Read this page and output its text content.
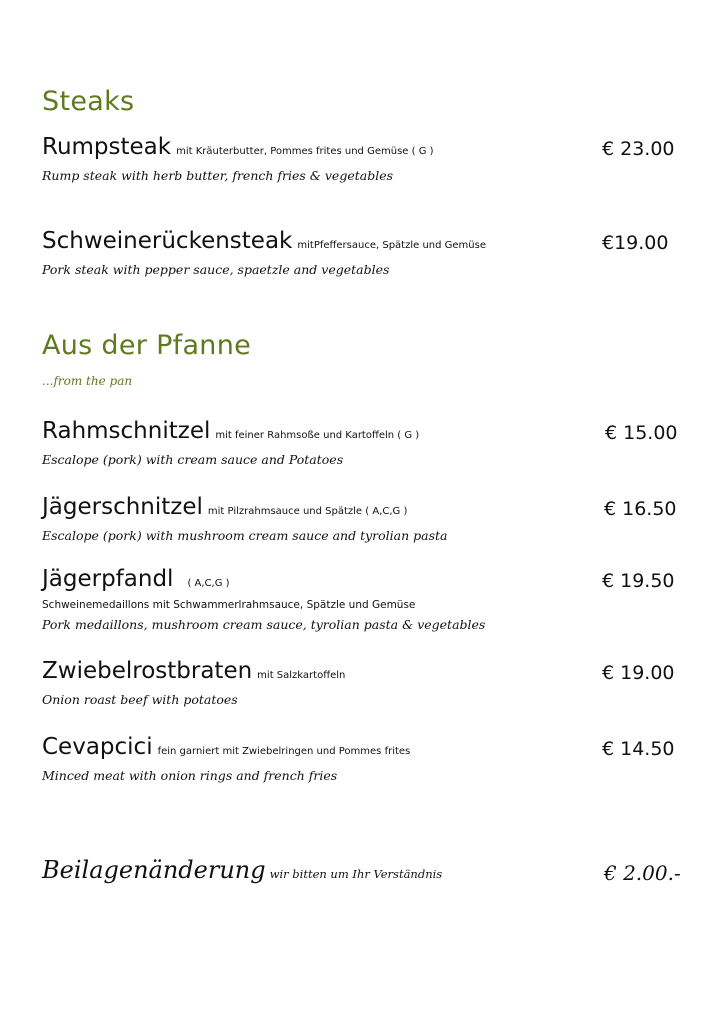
Steaks
Rumpsteak mit Kräuterbutter, Pommes frites und Gemüse ( G )	€ 23.00
Rump steak with herb butter, french fries & vegetables
Schweinerückensteak mitPfeffersauce, Spätzle und Gemüse	€19.00
Pork steak with pepper sauce, spaetzle and vegetables
Aus der Pfanne

...from the pan

Rahmschnitzel mit feiner Rahmsoße und Kartoffeln ( G )	€ 15.00
Escalope (pork) with cream sauce and Potatoes
Jägerschnitzel mit Pilzrahmsauce und Spätzle ( A,C,G )	€ 16.50
Escalope (pork) with mushroom cream sauce and tyrolian pasta
Jägerpfandl ( A,C,G )	€ 19.50
Schweinemedaillons mit Schwammerlrahmsauce, Spätzle und Gemüse
Pork medaillons, mushroom cream sauce, tyrolian pasta & vegetables
Zwiebelrostbraten mit Salzkartoffeln	€ 19.00
Onion roast beef with potatoes
Cevapcici fein garniert mit Zwiebelringen und Pommes frites	€ 14.50
Minced meat with onion rings and french fries
Beilagenänderung wir bitten um Ihr Verständnis	€ 2.00.-
